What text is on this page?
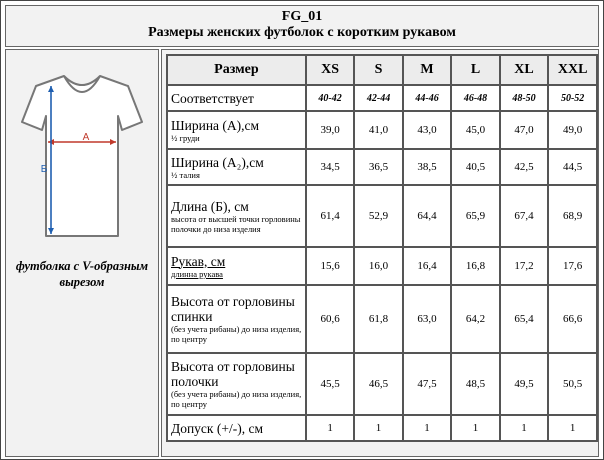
FG_01
Размеры женских футболок с коротким рукавом
А
Б
футболка с V-образным вырезом
Размер	XS	S	M	L	XL	XXL
Соответствует	40-42	42-44	44-46	46-48	48-50	50-52
Ширина (А),см
½ груди	39,0	41,0	43,0	45,0	47,0	49,0
Ширина (А₂),см
½ талия	34,5	36,5	38,5	40,5	42,5	44,5
Длина (Б), см
высота от высшей точки горловины полочки до низа изделия	61,4	52,9	64,4	65,9	67,4	68,9
Рукав, см
длинна рукава	15,6	16,0	16,4	16,8	17,2	17,6
Высота от горловины спинки
(без учета рибаны) до низа изделия, по центру	60,6	61,8	63,0	64,2	65,4	66,6
Высота от горловины полочки
(без учета рибаны) до низа изделия, по центру	45,5	46,5	47,5	48,5	49,5	50,5
Допуск (+/-), см	1	1	1	1	1	1
